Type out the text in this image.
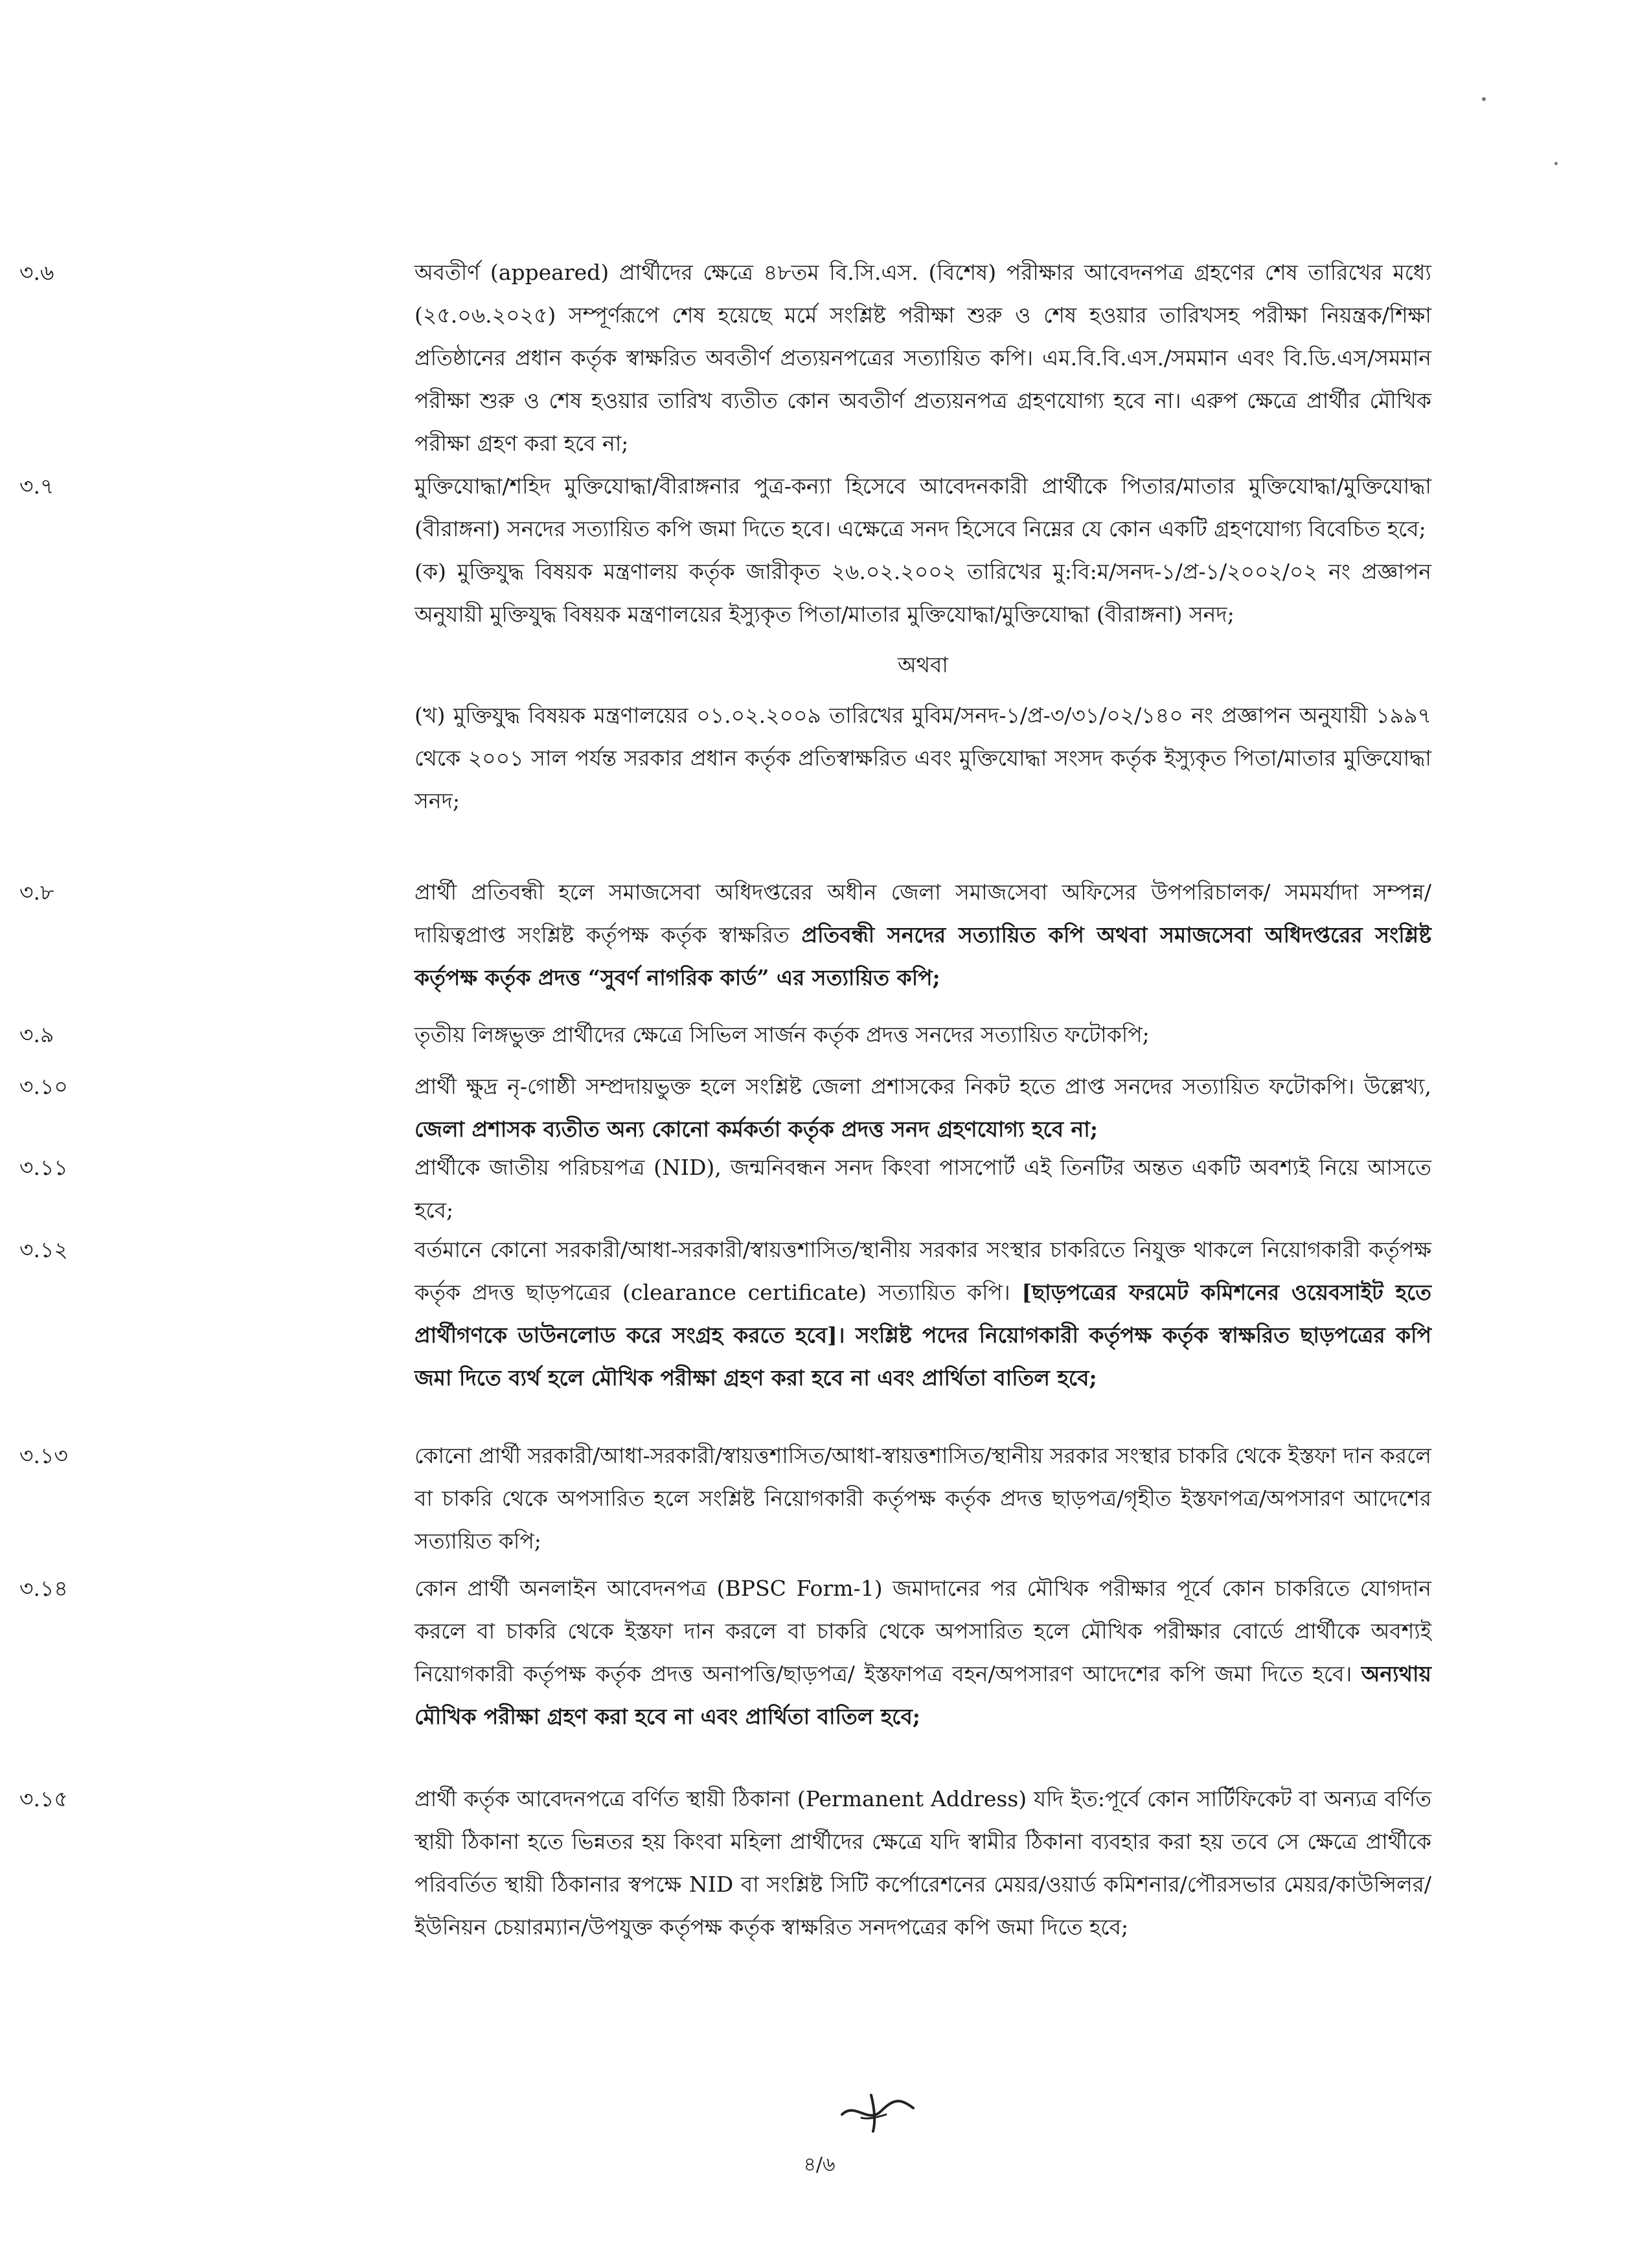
৩.৬	অবতীর্ণ (appeared) প্রার্থীদের ক্ষেত্রে ৪৮তম বি.সি.এস. (বিশেষ) পরীক্ষার আবেদনপত্র গ্রহণের শেষ তারিখের মধ্যে (২৫.০৬.২০২৫) সম্পূর্ণরূপে শেষ হয়েছে মর্মে সংশ্লিষ্ট পরীক্ষা শুরু ও শেষ হওয়ার তারিখসহ পরীক্ষা নিয়ন্ত্রক/শিক্ষা প্রতিষ্ঠানের প্রধান কর্তৃক স্বাক্ষরিত অবতীর্ণ প্রত্যয়নপত্রের সত্যায়িত কপি। এম.বি.বি.এস./সমমান এবং বি.ডি.এস/সমমান পরীক্ষা শুরু ও শেষ হওয়ার তারিখ ব্যতীত কোন অবতীর্ণ প্রত্যয়নপত্র গ্রহণযোগ্য হবে না। এরুপ ক্ষেত্রে প্রার্থীর মৌখিক পরীক্ষা গ্রহণ করা হবে না;

৩.৭	মুক্তিযোদ্ধা/শহিদ মুক্তিযোদ্ধা/বীরাঙ্গনার পুত্র-কন্যা হিসেবে আবেদনকারী প্রার্থীকে পিতার/মাতার মুক্তিযোদ্ধা/মুক্তিযোদ্ধা (বীরাঙ্গনা) সনদের সত্যায়িত কপি জমা দিতে হবে। এক্ষেত্রে সনদ হিসেবে নিম্নের যে কোন একটি গ্রহণযোগ্য বিবেচিত হবে;

(ক) মুক্তিযুদ্ধ বিষয়ক মন্ত্রণালয় কর্তৃক জারীকৃত ২৬.০২.২০০২ তারিখের মু:বি:ম/সনদ-১/প্র-১/২০০২/০২ নং প্রজ্ঞাপন অনুযায়ী মুক্তিযুদ্ধ বিষয়ক মন্ত্রণালয়ের ইস্যুকৃত পিতা/মাতার মুক্তিযোদ্ধা/মুক্তিযোদ্ধা (বীরাঙ্গনা) সনদ;

অথবা

(খ) মুক্তিযুদ্ধ বিষয়ক মন্ত্রণালয়ের ০১.০২.২০০৯ তারিখের মুবিম/সনদ-১/প্র-৩/৩১/০২/১৪০ নং প্রজ্ঞাপন অনুযায়ী ১৯৯৭ থেকে ২০০১ সাল পর্যন্ত সরকার প্রধান কর্তৃক প্রতিস্বাক্ষরিত এবং মুক্তিযোদ্ধা সংসদ কর্তৃক ইস্যুকৃত পিতা/মাতার মুক্তিযোদ্ধা সনদ;

৩.৮	প্রার্থী প্রতিবন্ধী হলে সমাজসেবা অধিদপ্তরের অধীন জেলা সমাজসেবা অফিসের উপপরিচালক/ সমমর্যাদা সম্পন্ন/দায়িত্বপ্রাপ্ত সংশ্লিষ্ট কর্তৃপক্ষ কর্তৃক স্বাক্ষরিত প্রতিবন্ধী সনদের সত্যায়িত কপি অথবা সমাজসেবা অধিদপ্তরের সংশ্লিষ্ট কর্তৃপক্ষ কর্তৃক প্রদত্ত “সুবর্ণ নাগরিক কার্ড” এর সত্যায়িত কপি;

৩.৯	তৃতীয় লিঙ্গভুক্ত প্রার্থীদের ক্ষেত্রে সিভিল সার্জন কর্তৃক প্রদত্ত সনদের সত্যায়িত ফটোকপি;

৩.১০	প্রার্থী ক্ষুদ্র নৃ-গোষ্ঠী সম্প্রদায়ভুক্ত হলে সংশ্লিষ্ট জেলা প্রশাসকের নিকট হতে প্রাপ্ত সনদের সত্যায়িত ফটোকপি। উল্লেখ্য, জেলা প্রশাসক ব্যতীত অন্য কোনো কর্মকর্তা কর্তৃক প্রদত্ত সনদ গ্রহণযোগ্য হবে না;

৩.১১	প্রার্থীকে জাতীয় পরিচয়পত্র (NID), জন্মনিবন্ধন সনদ কিংবা পাসপোর্ট এই তিনটির অন্তত একটি অবশ্যই নিয়ে আসতে হবে;

৩.১২	বর্তমানে কোনো সরকারী/আধা-সরকারী/স্বায়ত্তশাসিত/স্থানীয় সরকার সংস্থার চাকরিতে নিযুক্ত থাকলে নিয়োগকারী কর্তৃপক্ষ কর্তৃক প্রদত্ত ছাড়পত্রের (clearance certificate) সত্যায়িত কপি। [ছাড়পত্রের ফরমেট কমিশনের ওয়েবসাইট হতে প্রার্থীগণকে ডাউনলোড করে সংগ্রহ করতে হবে]। সংশ্লিষ্ট পদের নিয়োগকারী কর্তৃপক্ষ কর্তৃক স্বাক্ষরিত ছাড়পত্রের কপি জমা দিতে ব্যর্থ হলে মৌখিক পরীক্ষা গ্রহণ করা হবে না এবং প্রার্থিতা বাতিল হবে;

৩.১৩	কোনো প্রার্থী সরকারী/আধা-সরকারী/স্বায়ত্তশাসিত/আধা-স্বায়ত্তশাসিত/স্থানীয় সরকার সংস্থার চাকরি থেকে ইস্তফা দান করলে বা চাকরি থেকে অপসারিত হলে সংশ্লিষ্ট নিয়োগকারী কর্তৃপক্ষ কর্তৃক প্রদত্ত ছাড়পত্র/গৃহীত ইস্তফাপত্র/অপসারণ আদেশের সত্যায়িত কপি;

৩.১৪	কোন প্রার্থী অনলাইন আবেদনপত্র (BPSC Form-1) জমাদানের পর মৌখিক পরীক্ষার পূর্বে কোন চাকরিতে যোগদান করলে বা চাকরি থেকে ইস্তফা দান করলে বা চাকরি থেকে অপসারিত হলে মৌখিক পরীক্ষার বোর্ডে প্রার্থীকে অবশ্যই নিয়োগকারী কর্তৃপক্ষ কর্তৃক প্রদত্ত অনাপত্তি/ছাড়পত্র/ ইস্তফাপত্র বহন/অপসারণ আদেশের কপি জমা দিতে হবে। অন্যথায় মৌখিক পরীক্ষা গ্রহণ করা হবে না এবং প্রার্থিতা বাতিল হবে;

৩.১৫	প্রার্থী কর্তৃক আবেদনপত্রে বর্ণিত স্থায়ী ঠিকানা (Permanent Address) যদি ইত:পূর্বে কোন সার্টিফিকেট বা অন্যত্র বর্ণিত স্থায়ী ঠিকানা হতে ভিন্নতর হয় কিংবা মহিলা প্রার্থীদের ক্ষেত্রে যদি স্বামীর ঠিকানা ব্যবহার করা হয় তবে সে ক্ষেত্রে প্রার্থীকে পরিবর্তিত স্থায়ী ঠিকানার স্বপক্ষে NID বা সংশ্লিষ্ট সিটি কর্পোরেশনের মেয়র/ওয়ার্ড কমিশনার/পৌরসভার মেয়র/কাউন্সিলর/ইউনিয়ন চেয়ারম্যান/উপযুক্ত কর্তৃপক্ষ কর্তৃক স্বাক্ষরিত সনদপত্রের কপি জমা দিতে হবে;

৪/৬
